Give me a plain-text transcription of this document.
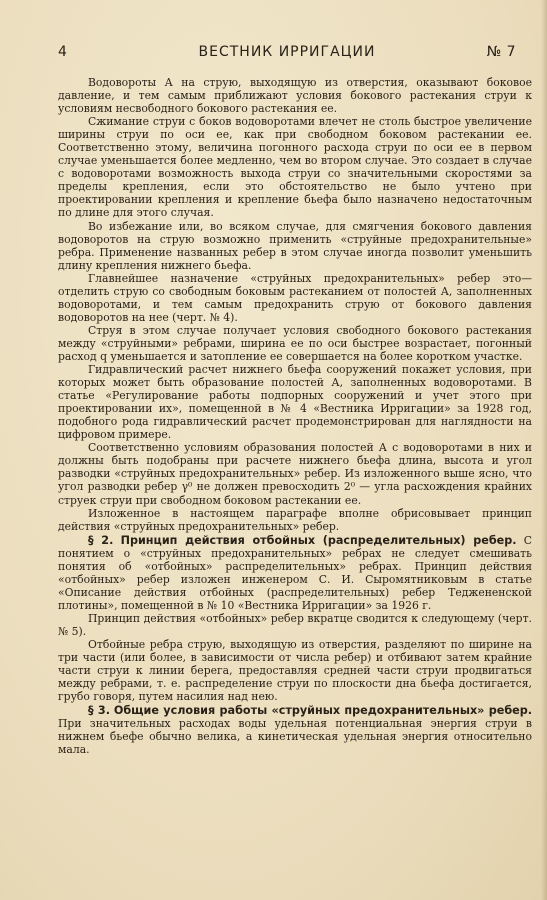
4	ВЕСТНИК ИРРИГАЦИИ	№ 7

Водовороты А на струю, выходящую из отверстия, оказывают боковое давление, и тем самым приближают условия бокового растекания струи к условиям несвободного бокового растекания ее.

Сжимание струи с боков водоворотами влечет не столь быстрое увеличение ширины струи по оси ее, как при свободном боковом растекании ее. Соответственно этому, величина погонного расхода струи по оси ее в первом случае уменьшается более медленно, чем во втором случае. Это создает в случае с водоворотами возможность выхода струи со значительными скоростями за пределы крепления, если это обстоятельство не было учтено при проектировании крепления и крепление бьефа было назначено недостаточным по длине для этого случая.

Во избежание или, во всяком случае, для смягчения бокового давления водоворотов на струю возможно применить «струйные предохранительные» ребра. Применение названных ребер в этом случае иногда позволит уменьшить длину крепления нижнего бьефа.

Главнейшее назначение «струйных предохранительных» ребер это— отделить струю со свободным боковым растеканием от полостей А, заполненных водоворотами, и тем самым предохранить струю от бокового давления водоворотов на нее (черт. № 4).

Струя в этом случае получает условия свободного бокового растекания между «струйными» ребрами, ширина ее по оси быстрее возрастает, погонный расход q уменьшается и затопление ее совершается на более коротком участке.

Гидравлический расчет нижнего бьефа сооружений покажет условия, при которых может быть образование полостей А, заполненных водоворотами. В статье «Регулирование работы подпорных сооружений и учет этого при проектировании их», помещенной в № 4 «Вестника Ирригации» за 1928 год, подобного рода гидравлический расчет продемонстрирован для наглядности на цифровом примере.

Соответственно условиям образования полостей А с водоворотами в них и должны быть подобраны при расчете нижнего бьефа длина, высота и угол разводки «струйных предохранительных» ребер. Из изложенного выше ясно, что угол разводки ребер γ⁰ не должен превосходить 2⁰ — угла расхождения крайних струек струи при свободном боковом растекании ее.

Изложенное в настоящем параграфе вполне обрисовывает принцип действия «струйных предохранительных» ребер.

§ 2. Принцип действия отбойных (распределительных) ребер. С понятием о «струйных предохранительных» ребрах не следует смешивать понятия об «отбойных» распределительных» ребрах. Принцип действия «отбойных» ребер изложен инженером С. И. Сыромятниковым в статье «Описание действия отбойных (распределительных) ребер Теджененской плотины», помещенной в № 10 «Вестника Ирригации» за 1926 г.

Принцип действия «отбойных» ребер вкратце сводится к следующему (черт. № 5).

Отбойные ребра струю, выходящую из отверстия, разделяют по ширине на три части (или более, в зависимости от числа ребер) и отбивают затем крайние части струи к линии берега, предоставляя средней части струи продвигаться между ребрами, т. е. распределение струи по плоскости дна бьефа достигается, грубо говоря, путем насилия над нею.

§ 3. Общие условия работы «струйных предохранительных» ребер. При значительных расходах воды удельная потенциальная энергия струи в нижнем бьефе обычно велика, а кинетическая удельная энергия относительно мала.
